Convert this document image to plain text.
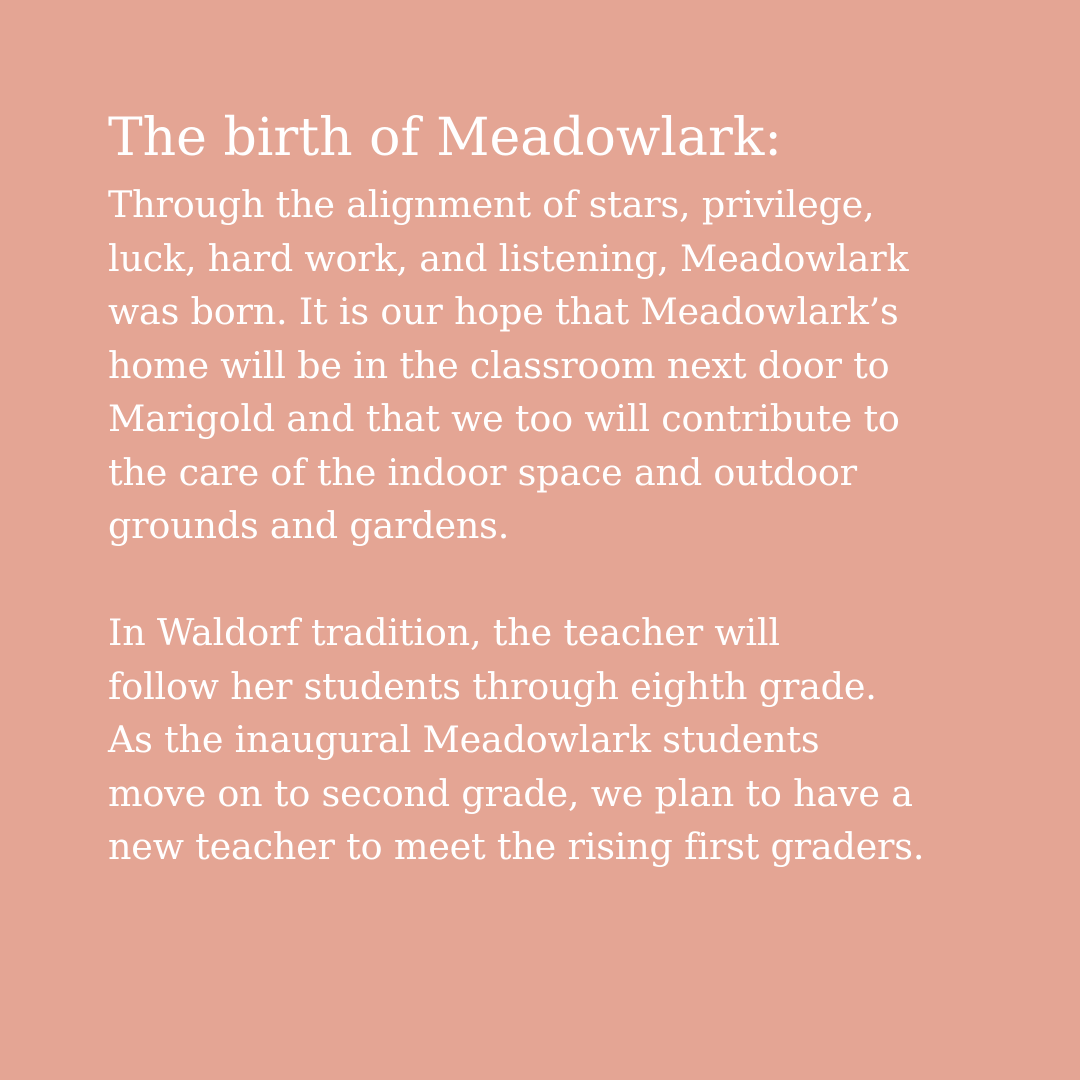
The birth of Meadowlark:

Through the alignment of stars, privilege,
luck, hard work, and listening, Meadowlark
was born. It is our hope that Meadowlark’s
home will be in the classroom next door to
Marigold and that we too will contribute to
the care of the indoor space and outdoor
grounds and gardens.

In Waldorf tradition, the teacher will
follow her students through eighth grade.
As the inaugural Meadowlark students
move on to second grade, we plan to have a
new teacher to meet the rising first graders.
